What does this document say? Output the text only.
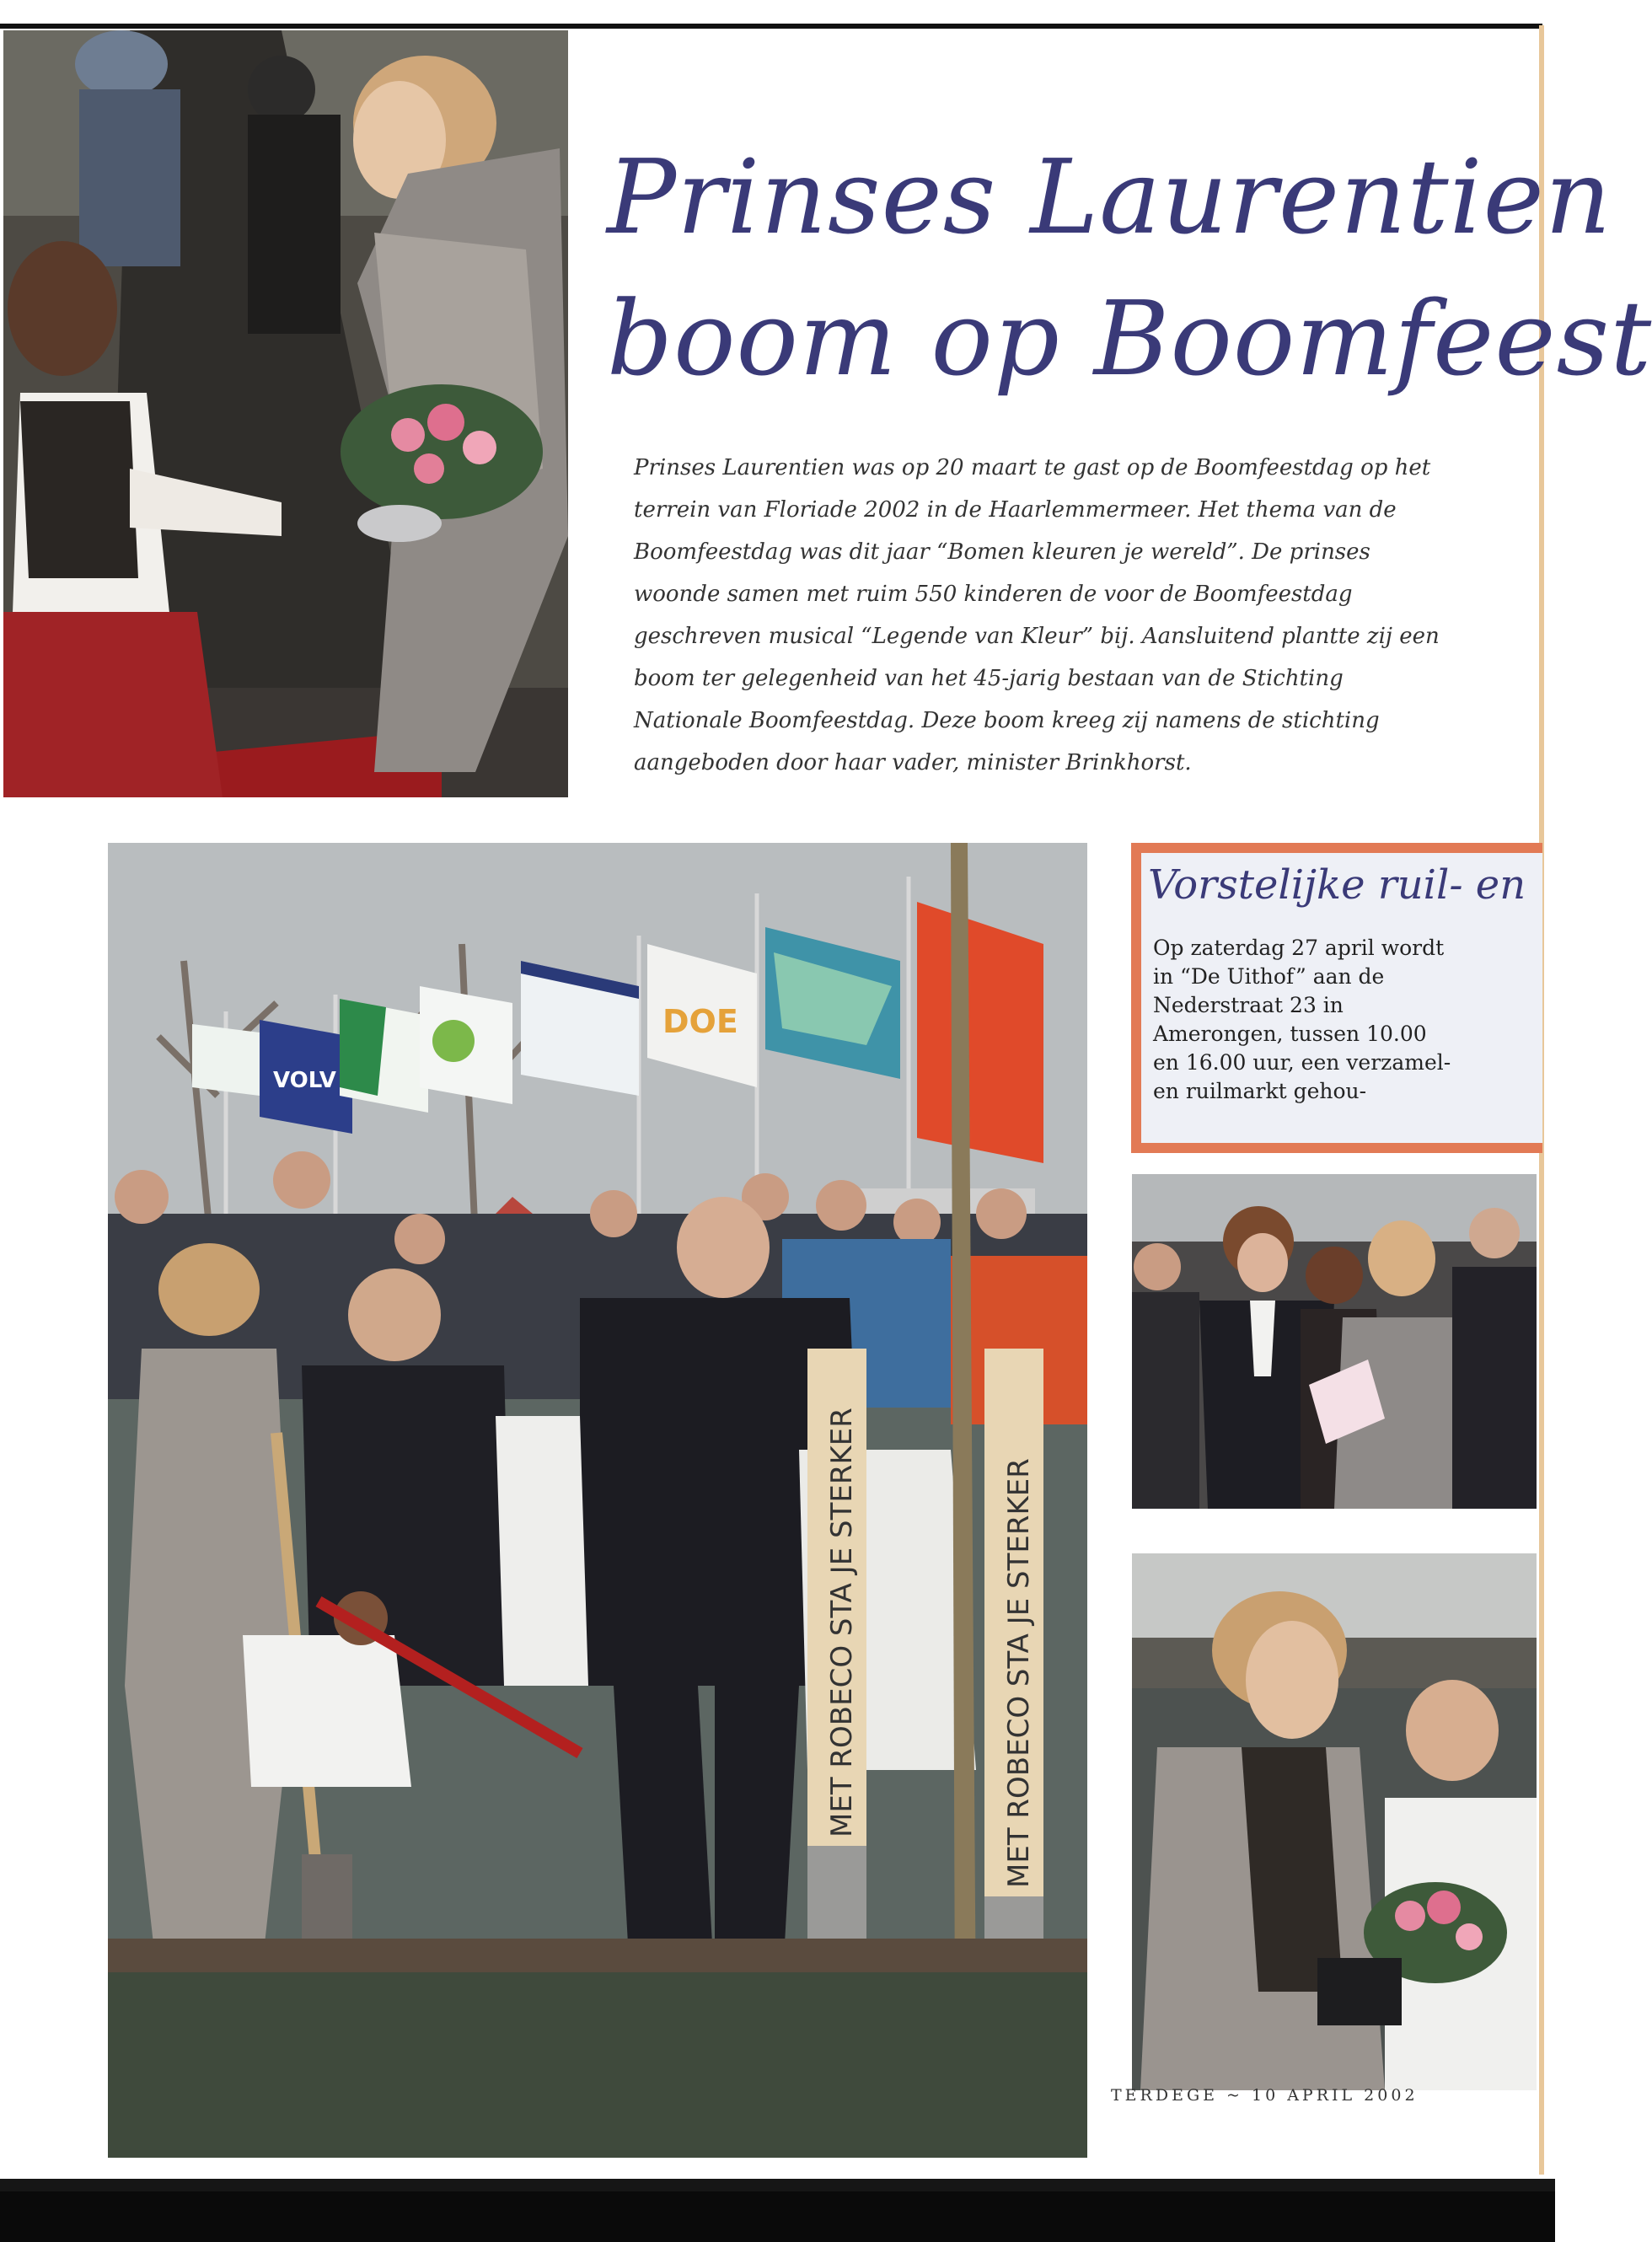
Prinses Laurentien
boom op Boomfeest
Prinses Laurentien was op 20 maart te gast op de Boomfeestdag op het terrein van Floriade 2002 in de Haarlemmermeer. Het thema van de Boomfeestdag was dit jaar “Bomen kleuren je wereld”. De prinses woonde samen met ruim 550 kinderen de voor de Boomfeestdag geschreven musical “Legende van Kleur” bij. Aansluitend plantte zij een boom ter gelegenheid van het 45-jarig bestaan van de Stichting Nationale Boomfeestdag. Deze boom kreeg zij namens de stichting aangeboden door haar vader, minister Brinkhorst.
VOLV
DOE
MET ROBECO STA JE STERKER	MET ROBECO STA JE STERKER
Vorstelijke ruil- en
Op zaterdag 27 april wordt in “De Uithof” aan de Nederstraat 23 in Amerongen, tussen 10.00 en 16.00 uur, een verzamel- en ruilmarkt gehou-
TERDEGE ~ 10 APRIL 2002
